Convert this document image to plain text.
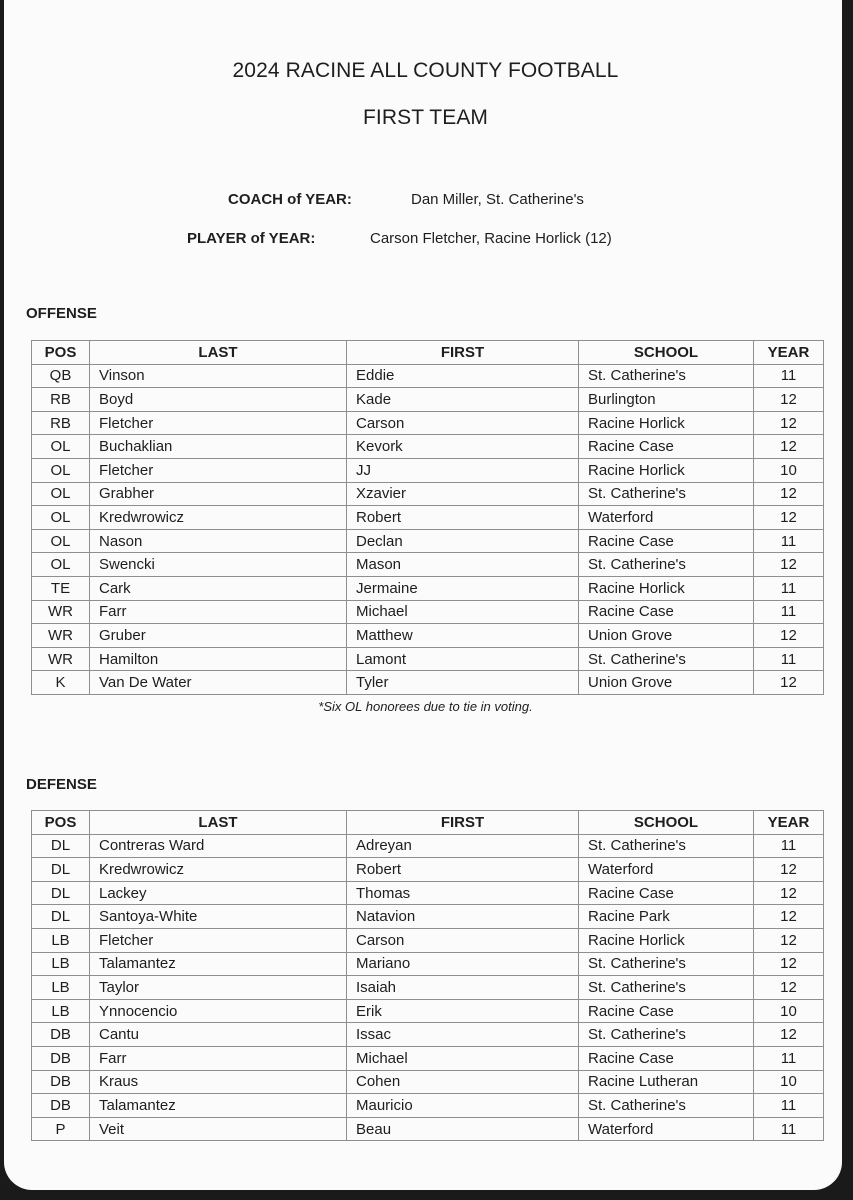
2024 RACINE ALL COUNTY FOOTBALL
FIRST TEAM
COACH of YEAR:	Dan Miller, St. Catherine's
PLAYER of YEAR:	Carson Fletcher, Racine Horlick (12)
OFFENSE
POS	LAST	FIRST	SCHOOL	YEAR
QB	Vinson	Eddie	St. Catherine's	11
RB	Boyd	Kade	Burlington	12
RB	Fletcher	Carson	Racine Horlick	12
OL	Buchaklian	Kevork	Racine Case	12
OL	Fletcher	JJ	Racine Horlick	10
OL	Grabher	Xzavier	St. Catherine's	12
OL	Kredwrowicz	Robert	Waterford	12
OL	Nason	Declan	Racine Case	11
OL	Swencki	Mason	St. Catherine's	12
TE	Cark	Jermaine	Racine Horlick	11
WR	Farr	Michael	Racine Case	11
WR	Gruber	Matthew	Union Grove	12
WR	Hamilton	Lamont	St. Catherine's	11
K	Van De Water	Tyler	Union Grove	12
*Six OL honorees due to tie in voting.
DEFENSE
POS	LAST	FIRST	SCHOOL	YEAR
DL	Contreras Ward	Adreyan	St. Catherine's	11
DL	Kredwrowicz	Robert	Waterford	12
DL	Lackey	Thomas	Racine Case	12
DL	Santoya-White	Natavion	Racine Park	12
LB	Fletcher	Carson	Racine Horlick	12
LB	Talamantez	Mariano	St. Catherine's	12
LB	Taylor	Isaiah	St. Catherine's	12
LB	Ynnocencio	Erik	Racine Case	10
DB	Cantu	Issac	St. Catherine's	12
DB	Farr	Michael	Racine Case	11
DB	Kraus	Cohen	Racine Lutheran	10
DB	Talamantez	Mauricio	St. Catherine's	11
P	Veit	Beau	Waterford	11
